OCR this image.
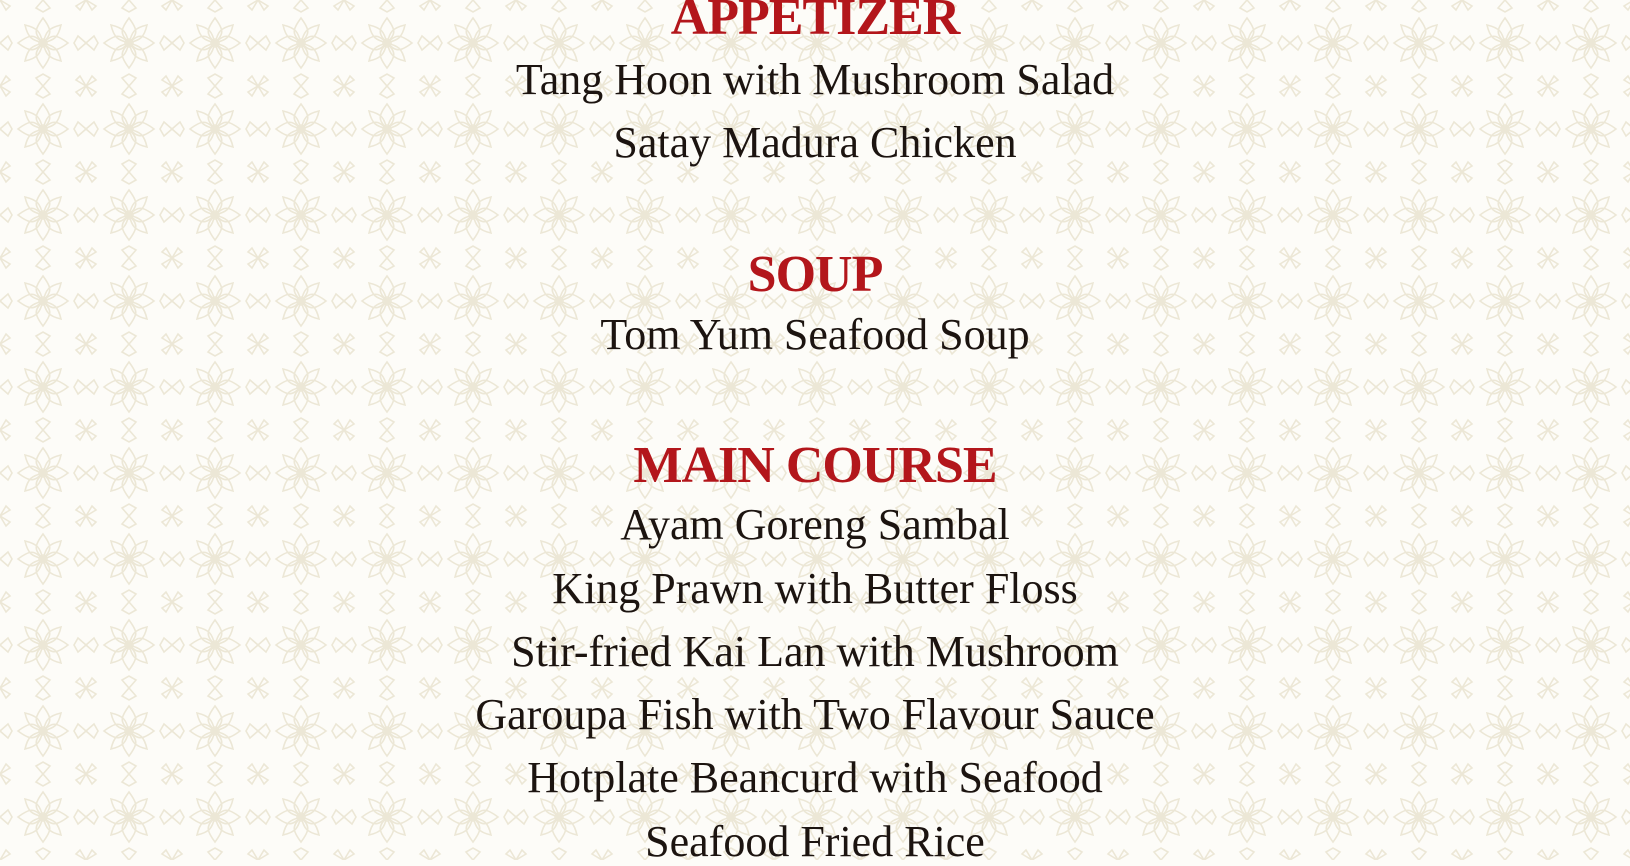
APPETIZER
Tang Hoon with Mushroom Salad
Satay Madura Chicken
SOUP
Tom Yum Seafood Soup
MAIN COURSE
Ayam Goreng Sambal
King Prawn with Butter Floss
Stir-fried Kai Lan with Mushroom
Garoupa Fish with Two Flavour Sauce
Hotplate Beancurd with Seafood
Seafood Fried Rice
